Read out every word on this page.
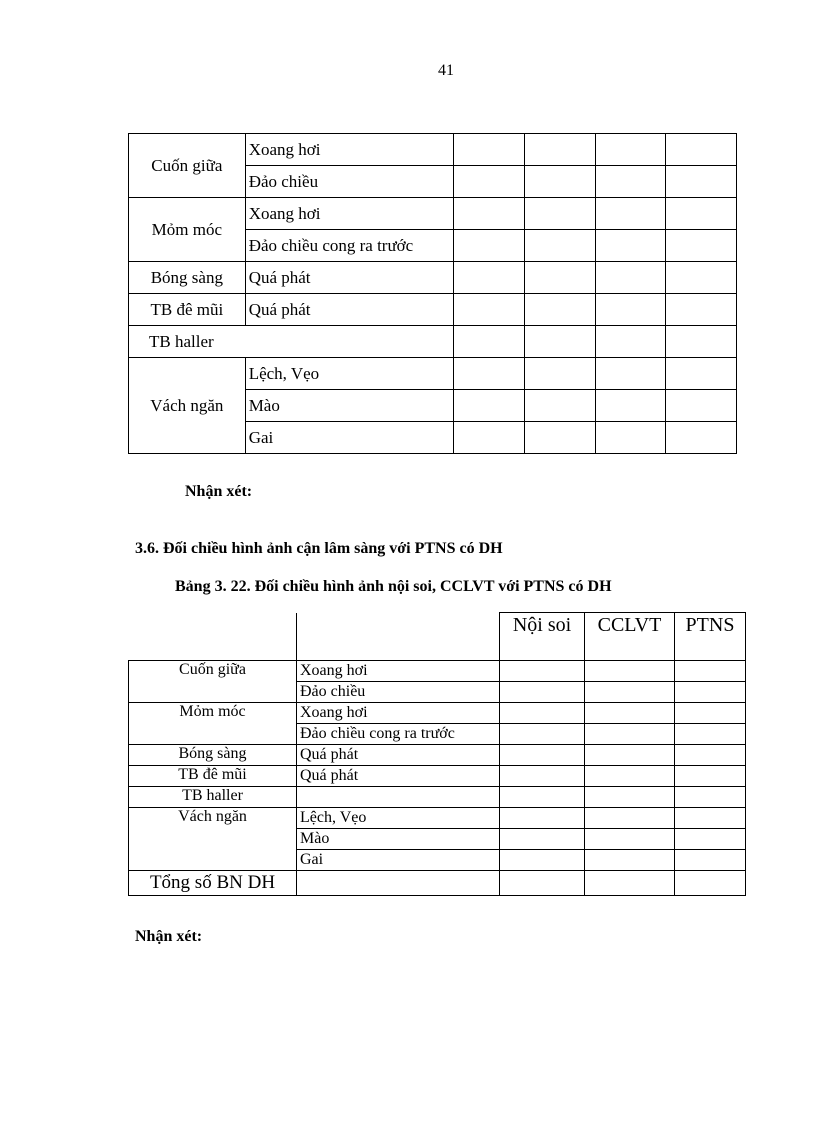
41
Cuốn giữa	Xoang hơi				
	Đảo chiều				
Mỏm móc	Xoang hơi				
	Đảo chiều cong ra trước				
Bóng sàng	Quá phát				
TB đê mũi	Quá phát				
TB haller					
Vách ngăn	Lệch, Vẹo				
	Mào				
	Gai				
Nhận xét:
3.6. Đối chiều hình ảnh cận lâm sàng với PTNS có DH
Bảng 3. 22. Đối chiều hình ảnh nội soi, CCLVT với PTNS có DH
		Nội soi	CCLVT	PTNS
Cuốn giữa	Xoang hơi			
	Đảo chiều			
Mỏm móc	Xoang hơi			
	Đảo chiều cong ra trước			
Bóng sàng	Quá phát			
TB đê mũi	Quá phát			
TB haller				
Vách ngăn	Lệch, Vẹo			
	Mào			
	Gai			
Tổng số BN DH				
Nhận xét:
